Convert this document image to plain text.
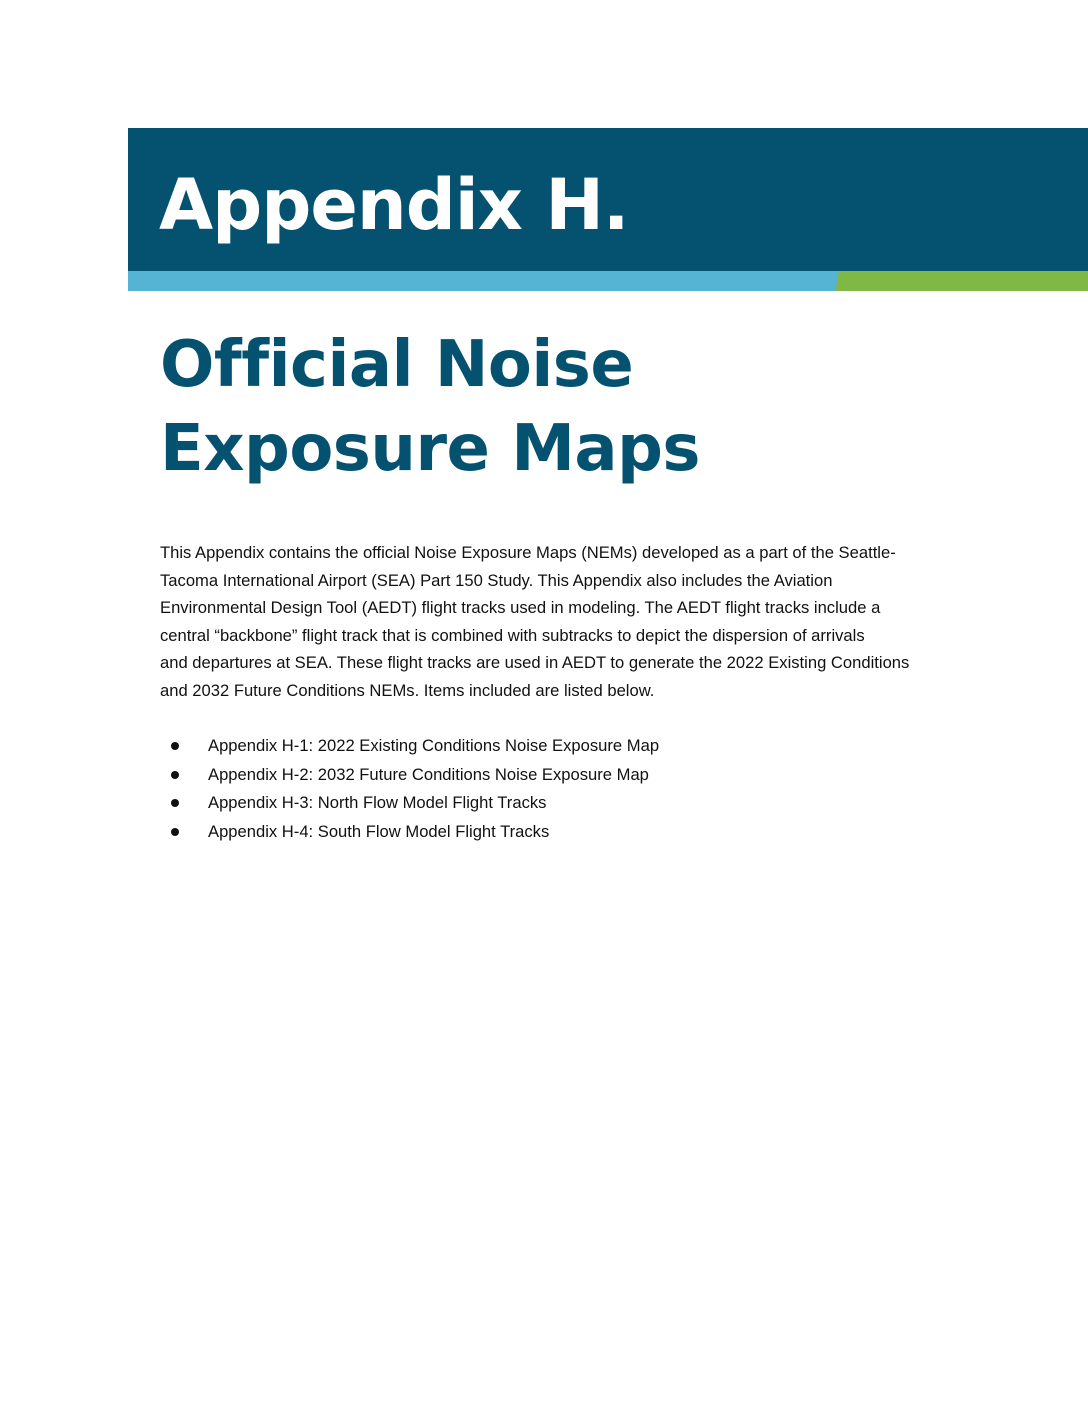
Appendix H.
Official Noise
Exposure Maps

This Appendix contains the official Noise Exposure Maps (NEMs) developed as a part of the Seattle-
Tacoma International Airport (SEA) Part 150 Study. This Appendix also includes the Aviation
Environmental Design Tool (AEDT) flight tracks used in modeling. The AEDT flight tracks include a
central “backbone” flight track that is combined with subtracks to depict the dispersion of arrivals
and departures at SEA. These flight tracks are used in AEDT to generate the 2022 Existing Conditions
and 2032 Future Conditions NEMs. Items included are listed below.

Appendix H-1: 2022 Existing Conditions Noise Exposure Map
Appendix H-2: 2032 Future Conditions Noise Exposure Map
Appendix H-3: North Flow Model Flight Tracks
Appendix H-4: South Flow Model Flight Tracks
